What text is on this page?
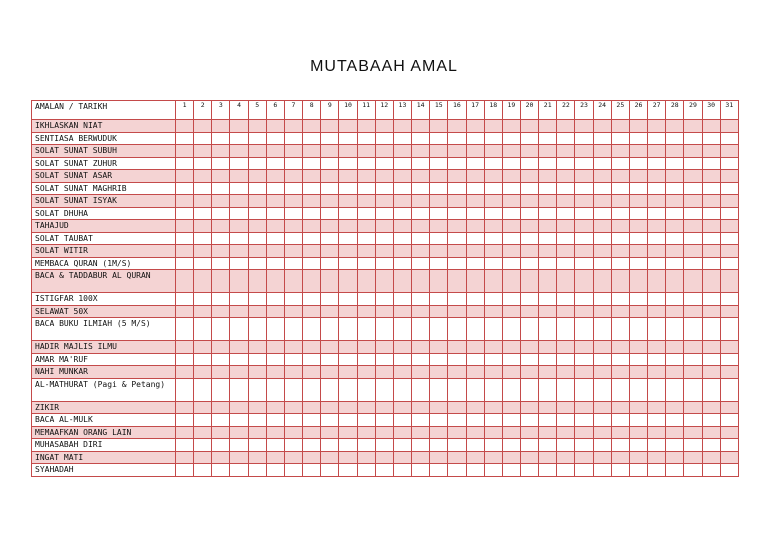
MUTABAAH AMAL
AMALAN / TARIKH	1	2	3	4	5	6	7	8	9	10	11	12	13	14	15	16	17	18	19	20	21	22	23	24	25	26	27	28	29	30	31
IKHLASKAN NIAT																															
SENTIASA BERWUDUK																															
SOLAT SUNAT SUBUH																															
SOLAT SUNAT ZUHUR																															
SOLAT SUNAT ASAR																															
SOLAT SUNAT MAGHRIB																															
SOLAT SUNAT ISYAK																															
SOLAT DHUHA																															
TAHAJUD																															
SOLAT TAUBAT																															
SOLAT WITIR																															
MEMBACA QURAN (1M/S)																															
BACA & TADDABUR AL QURAN																															
ISTIGFAR 100X																															
SELAWAT 50X																															
BACA BUKU ILMIAH (5 M/S)																															
HADIR MAJLIS ILMU																															
AMAR MA'RUF																															
NAHI MUNKAR																															
AL-MATHURAT (Pagi & Petang)																															
ZIKIR																															
BACA AL-MULK																															
MEMAAFKAN ORANG LAIN																															
MUHASABAH DIRI																															
INGAT MATI																															
SYAHADAH																															
